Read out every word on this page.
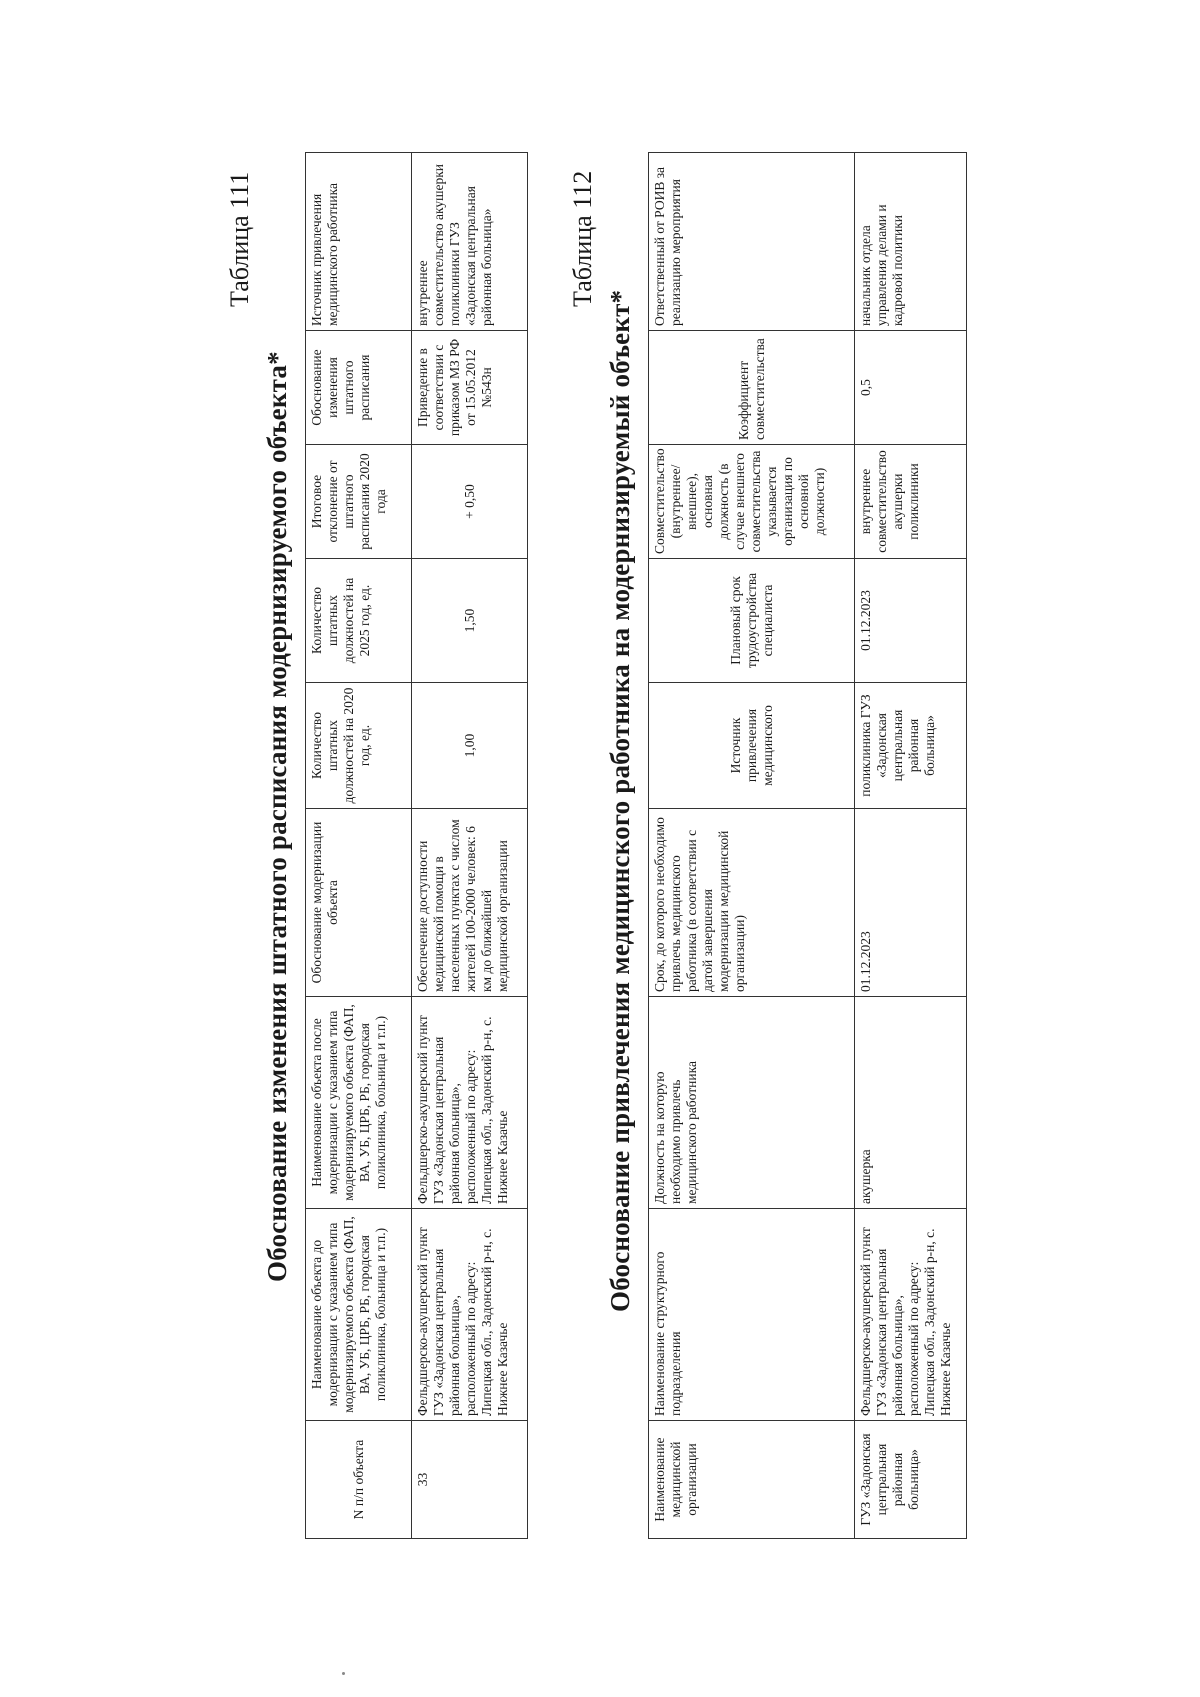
Таблица 111
Обоснование изменения штатного расписания модернизируемого объекта*
N п/п объекта	Наименование объекта до модернизации с указанием типа модернизируемого объекта (ФАП, ВА, УБ, ЦРБ, РБ, городская поликлиника, больница и т.п.)	Наименование объекта после модернизации с указанием типа модернизируемого объекта (ФАП, ВА, УБ, ЦРБ, РБ, городская поликлиника, больница и т.п.)	Обоснование модернизации объекта	Количество штатных должностей на 2020 год, ед.	Количество штатных должностей на 2025 год, ед.	Итоговое отклонение от штатного расписания 2020 года	Обоснование изменения штатного расписания	Источник привлечения медицинского работника
33	Фельдшерско-акушерский пункт ГУЗ «Задонская центральная районная больница», расположенный по адресу: Липецкая обл., Задонский р-н, с. Нижнее Казачье	Фельдшерско-акушерский пункт ГУЗ «Задонская центральная районная больница», расположенный по адресу: Липецкая обл., Задонский р-н, с. Нижнее Казачье	Обеспечение доступности медицинской помощи в населенных пунктах с числом жителей 100-2000 человек: 6 км до ближайшей медицинской организации	1,00	1,50	+ 0,50	Приведение в соответствии с приказом МЗ РФ от 15.05.2012 №543н	внутреннее совместительство акушерки поликлиники ГУЗ «Задонская центральная районная больница»	Таблица 112
Обоснование привлечения медицинского работника на модернизируемый объект*
Наименование медицинской организации	Наименование структурного подразделения	Должность на которую необходимо привлечь медицинского работника	Срок, до которого необходимо привлечь медицинского работника (в соответствии с датой завершения модернизации медицинской организации)	Источник привлечения медицинского	Плановый срок трудоустройства специалиста	Совместительство (внутреннее/внешнее), основная должность (в случае внешнего совместительства указывается организация по основной должности)	Коэффициент совместительства	Ответственный от РОИВ за реализацию мероприятия
ГУЗ «Задонская центральная районная больница»	Фельдшерско-акушерский пункт ГУЗ «Задонская центральная районная больница», расположенный по адресу: Липецкая обл., Задонский р-н, с. Нижнее Казачье	акушерка	01.12.2023	поликлиника ГУЗ «Задонская центральная районная больница»	01.12.2023	внутреннее совместительство акушерки поликлиники	0,5	начальник отдела управления делами и кадровой политики
